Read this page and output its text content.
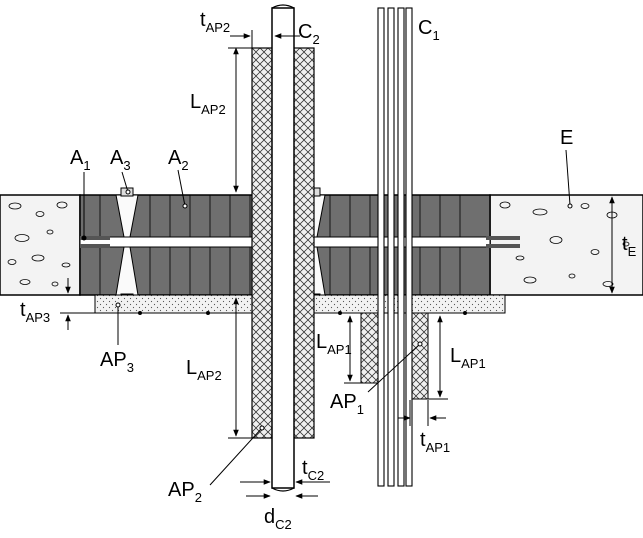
$t_{AP2}$	$C_2$
$C_1$
$L_{AP2}$
$A_1$ $A_3$ $A_2$
E
$t_E$
$t_{AP3}$
$AP_3$
$L_{AP1}$	$L_{AP1}$
$L_{AP2}$
$AP_1$
$t_{AP1}$
$AP_2$
$t_{C2}$
$d_{C2}$
